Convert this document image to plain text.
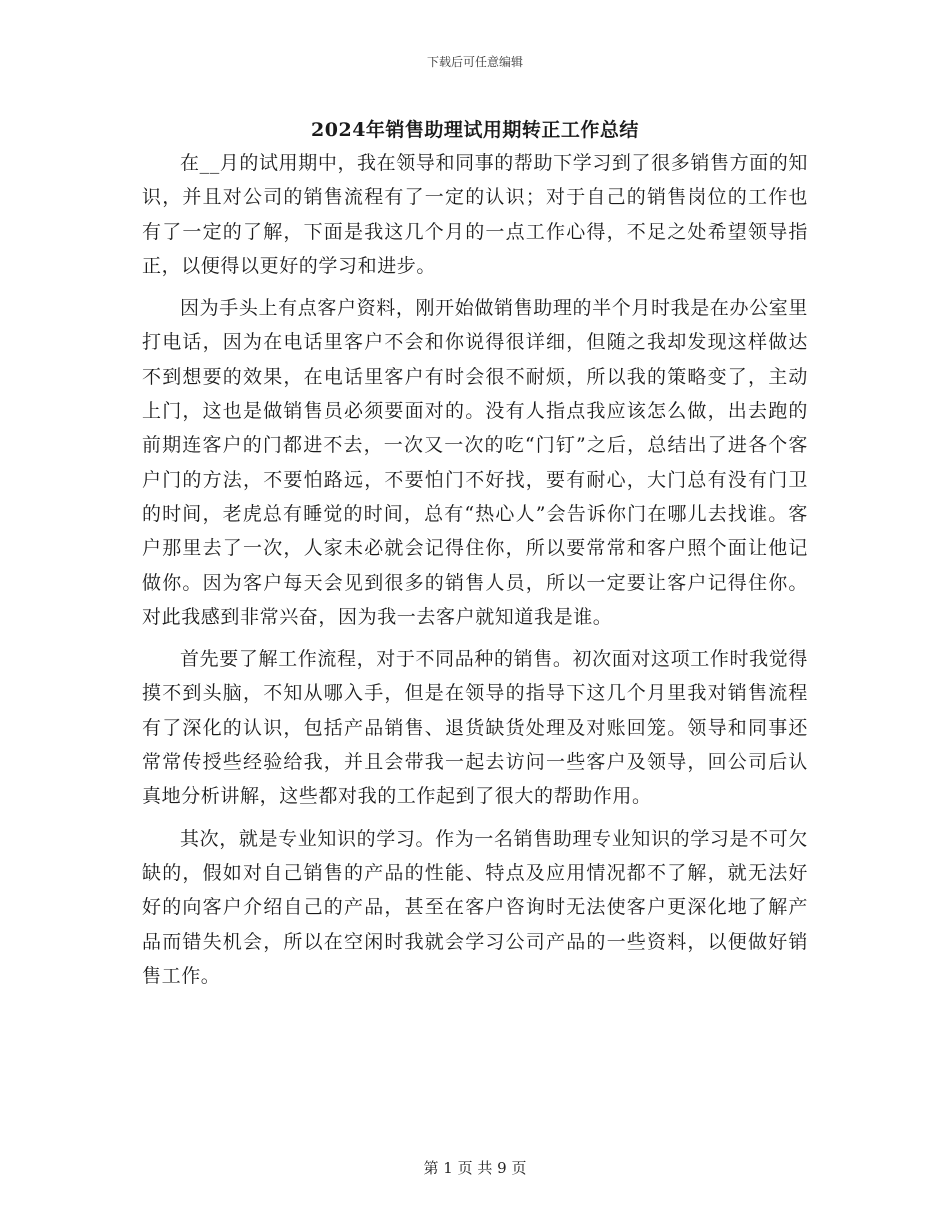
下载后可任意编辑
2024年销售助理试用期转正工作总结

在__月的试用期中，我在领导和同事的帮助下学习到了很多销售方面的知识，并且对公司的销售流程有了一定的认识；对于自己的销售岗位的工作也有了一定的了解，下面是我这几个月的一点工作心得，不足之处希望领导指正，以便得以更好的学习和进步。

因为手头上有点客户资料，刚开始做销售助理的半个月时我是在办公室里打电话，因为在电话里客户不会和你说得很详细，但随之我却发现这样做达不到想要的效果，在电话里客户有时会很不耐烦，所以我的策略变了，主动上门，这也是做销售员必须要面对的。没有人指点我应该怎么做，出去跑的前期连客户的门都进不去，一次又一次的吃“门钉”之后，总结出了进各个客户门的方法，不要怕路远，不要怕门不好找，要有耐心，大门总有没有门卫的时间，老虎总有睡觉的时间，总有“热心人”会告诉你门在哪儿去找谁。客户那里去了一次，人家未必就会记得住你，所以要常常和客户照个面让他记做你。因为客户每天会见到很多的销售人员，所以一定要让客户记得住你。对此我感到非常兴奋，因为我一去客户就知道我是谁。

首先要了解工作流程，对于不同品种的销售。初次面对这项工作时我觉得摸不到头脑，不知从哪入手，但是在领导的指导下这几个月里我对销售流程有了深化的认识，包括产品销售、退货缺货处理及对账回笼。领导和同事还常常传授些经验给我，并且会带我一起去访问一些客户及领导，回公司后认真地分析讲解，这些都对我的工作起到了很大的帮助作用。

其次，就是专业知识的学习。作为一名销售助理专业知识的学习是不可欠缺的，假如对自己销售的产品的性能、特点及应用情况都不了解，就无法好好的向客户介绍自己的产品，甚至在客户咨询时无法使客户更深化地了解产品而错失机会，所以在空闲时我就会学习公司产品的一些资料，以便做好销售工作。

第 1 页 共 9 页
